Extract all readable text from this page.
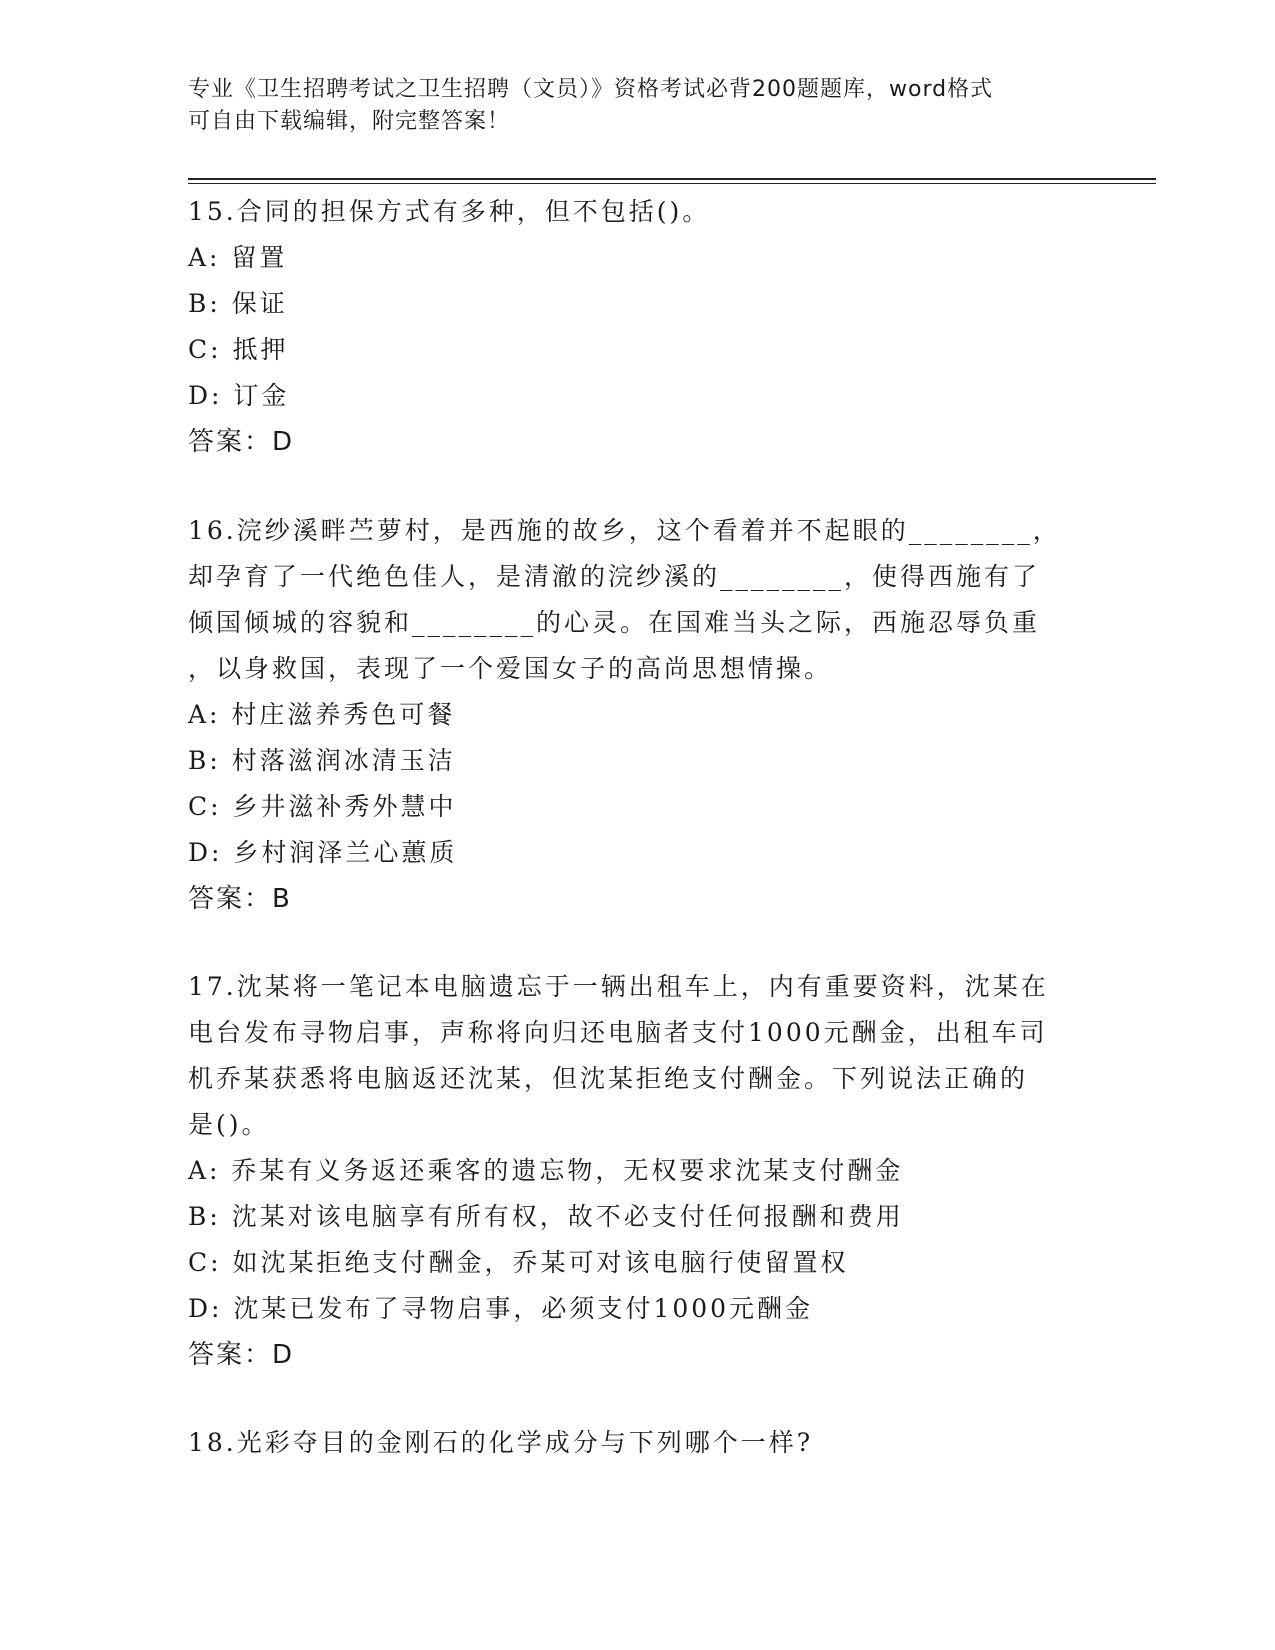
专业《卫生招聘考试之卫生招聘（文员）》资格考试必背200题题库，word格式
可自由下载编辑，附完整答案！
15.合同的担保方式有多种，但不包括()。
A: 留置
B: 保证
C: 抵押
D: 订金
答案：D
16.浣纱溪畔苎萝村，是西施的故乡，这个看着并不起眼的________，
却孕育了一代绝色佳人，是清澈的浣纱溪的________，使得西施有了
倾国倾城的容貌和________的心灵。在国难当头之际，西施忍辱负重
，以身救国，表现了一个爱国女子的高尚思想情操。
A: 村庄滋养秀色可餐
B: 村落滋润冰清玉洁
C: 乡井滋补秀外慧中
D: 乡村润泽兰心蕙质
答案：B
17.沈某将一笔记本电脑遗忘于一辆出租车上，内有重要资料，沈某在
电台发布寻物启事，声称将向归还电脑者支付1000元酬金，出租车司
机乔某获悉将电脑返还沈某，但沈某拒绝支付酬金。下列说法正确的
是()。
A: 乔某有义务返还乘客的遗忘物，无权要求沈某支付酬金
B: 沈某对该电脑享有所有权，故不必支付任何报酬和费用
C: 如沈某拒绝支付酬金，乔某可对该电脑行使留置权
D: 沈某已发布了寻物启事，必须支付1000元酬金
答案：D
18.光彩夺目的金刚石的化学成分与下列哪个一样?
